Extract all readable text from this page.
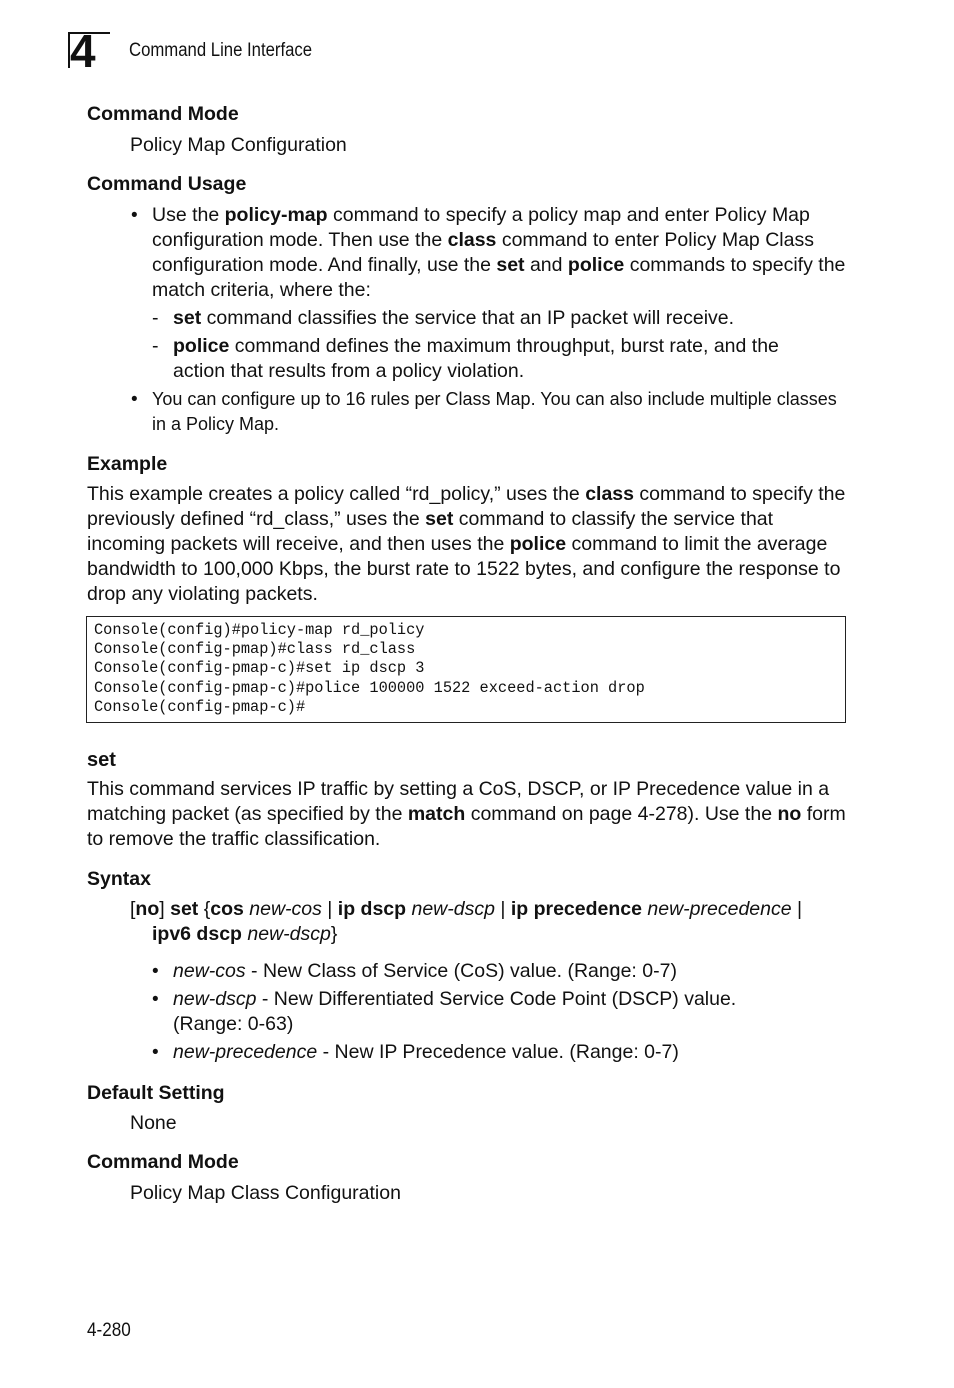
4 Command Line Interface
Command Mode
Policy Map Configuration
Command Usage
• Use the policy-map command to specify a policy map and enter Policy Map configuration mode. Then use the class command to enter Policy Map Class configuration mode. And finally, use the set and police commands to specify the match criteria, where the:
- set command classifies the service that an IP packet will receive.
- police command defines the maximum throughput, burst rate, and the action that results from a policy violation.
• You can configure up to 16 rules per Class Map. You can also include multiple classes in a Policy Map.
Example
This example creates a policy called “rd_policy,” uses the class command to specify the previously defined “rd_class,” uses the set command to classify the service that incoming packets will receive, and then uses the police command to limit the average bandwidth to 100,000 Kbps, the burst rate to 1522 bytes, and configure the response to drop any violating packets.
Console(config)#policy-map rd_policy
Console(config-pmap)#class rd_class
Console(config-pmap-c)#set ip dscp 3
Console(config-pmap-c)#police 100000 1522 exceed-action drop
Console(config-pmap-c)#
set
This command services IP traffic by setting a CoS, DSCP, or IP Precedence value in a matching packet (as specified by the match command on page 4-278). Use the no form to remove the traffic classification.
Syntax
[no] set {cos new-cos | ip dscp new-dscp | ip precedence new-precedence |
ipv6 dscp new-dscp}
• new-cos - New Class of Service (CoS) value. (Range: 0-7)
• new-dscp - New Differentiated Service Code Point (DSCP) value.
(Range: 0-63)
• new-precedence - New IP Precedence value. (Range: 0-7)
Default Setting
None
Command Mode
Policy Map Class Configuration
4-280
